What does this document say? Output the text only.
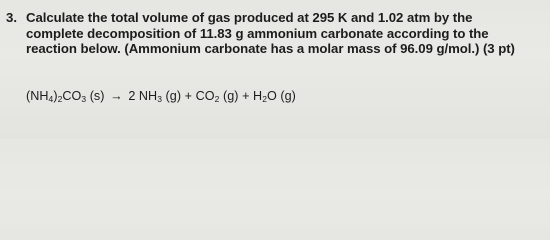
3. Calculate the total volume of gas produced at 295 K and 1.02 atm by the
complete decomposition of 11.83 g ammonium carbonate according to the
reaction below. (Ammonium carbonate has a molar mass of 96.09 g/mol.) (3 pt)
$(NH_4)_2CO_3$ (s) → 2 $NH_3$ $(g) + CO_2$ $(g) + H_2O$ (g)
